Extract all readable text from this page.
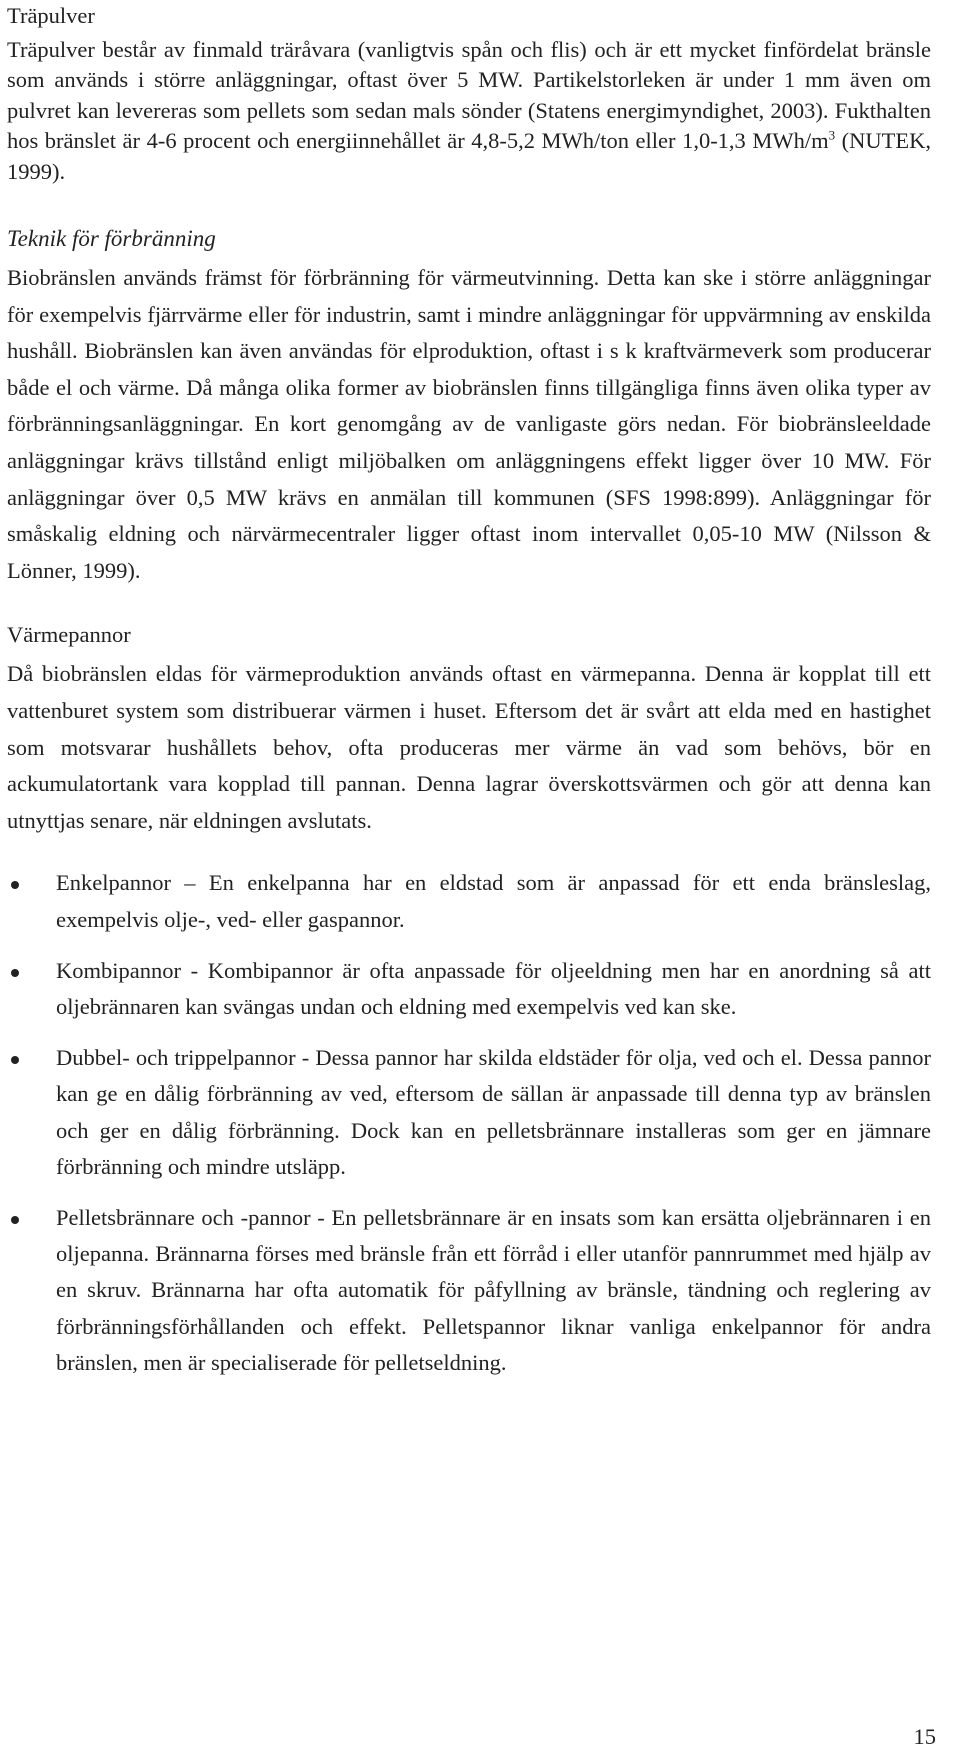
Träpulver

Träpulver består av finmald träråvara (vanligtvis spån och flis) och är ett mycket finfördelat bränsle som används i större anläggningar, oftast över 5 MW. Partikelstorleken är under 1 mm även om pulvret kan levereras som pellets som sedan mals sönder (Statens energimyndighet, 2003). Fukthalten hos bränslet är 4-6 procent och energiinnehållet är 4,8-5,2 MWh/ton eller 1,0-1,3 MWh/$m^3$ (NUTEK, 1999).

Teknik för förbränning

Biobränslen används främst för förbränning för värmeutvinning. Detta kan ske i större anläggningar för exempelvis fjärrvärme eller för industrin, samt i mindre anläggningar för uppvärmning av enskilda hushåll. Biobränslen kan även användas för elproduktion, oftast i s k kraftvärmeverk som producerar både el och värme. Då många olika former av biobränslen finns tillgängliga finns även olika typer av förbränningsanläggningar. En kort genomgång av de vanligaste görs nedan. För biobränsleeldade anläggningar krävs tillstånd enligt miljöbalken om anläggningens effekt ligger över 10 MW. För anläggningar över 0,5 MW krävs en anmälan till kommunen (SFS 1998:899). Anläggningar för småskalig eldning och närvärmecentraler ligger oftast inom intervallet 0,05-10 MW (Nilsson & Lönner, 1999).

Värmepannor

Då biobränslen eldas för värmeproduktion används oftast en värmepanna. Denna är kopplat till ett vattenburet system som distribuerar värmen i huset. Eftersom det är svårt att elda med en hastighet som motsvarar hushållets behov, ofta produceras mer värme än vad som behövs, bör en ackumulatortank vara kopplad till pannan. Denna lagrar överskottsvärmen och gör att denna kan utnyttjas senare, när eldningen avslutats.

Enkelpannor – En enkelpanna har en eldstad som är anpassad för ett enda bränsleslag, exempelvis olje-, ved- eller gaspannor.
Kombipannor - Kombipannor är ofta anpassade för oljeeldning men har en anordning så att oljebrännaren kan svängas undan och eldning med exempelvis ved kan ske.
Dubbel- och trippelpannor - Dessa pannor har skilda eldstäder för olja, ved och el. Dessa pannor kan ge en dålig förbränning av ved, eftersom de sällan är anpassade till denna typ av bränslen och ger en dålig förbränning. Dock kan en pelletsbrännare installeras som ger en jämnare förbränning och mindre utsläpp.
Pelletsbrännare och -pannor - En pelletsbrännare är en insats som kan ersätta oljebrännaren i en oljepanna. Brännarna förses med bränsle från ett förråd i eller utanför pannrummet med hjälp av en skruv. Brännarna har ofta automatik för påfyllning av bränsle, tändning och reglering av förbränningsförhållanden och effekt. Pelletspannor liknar vanliga enkelpannor för andra bränslen, men är specialiserade för pelletseldning.
15
